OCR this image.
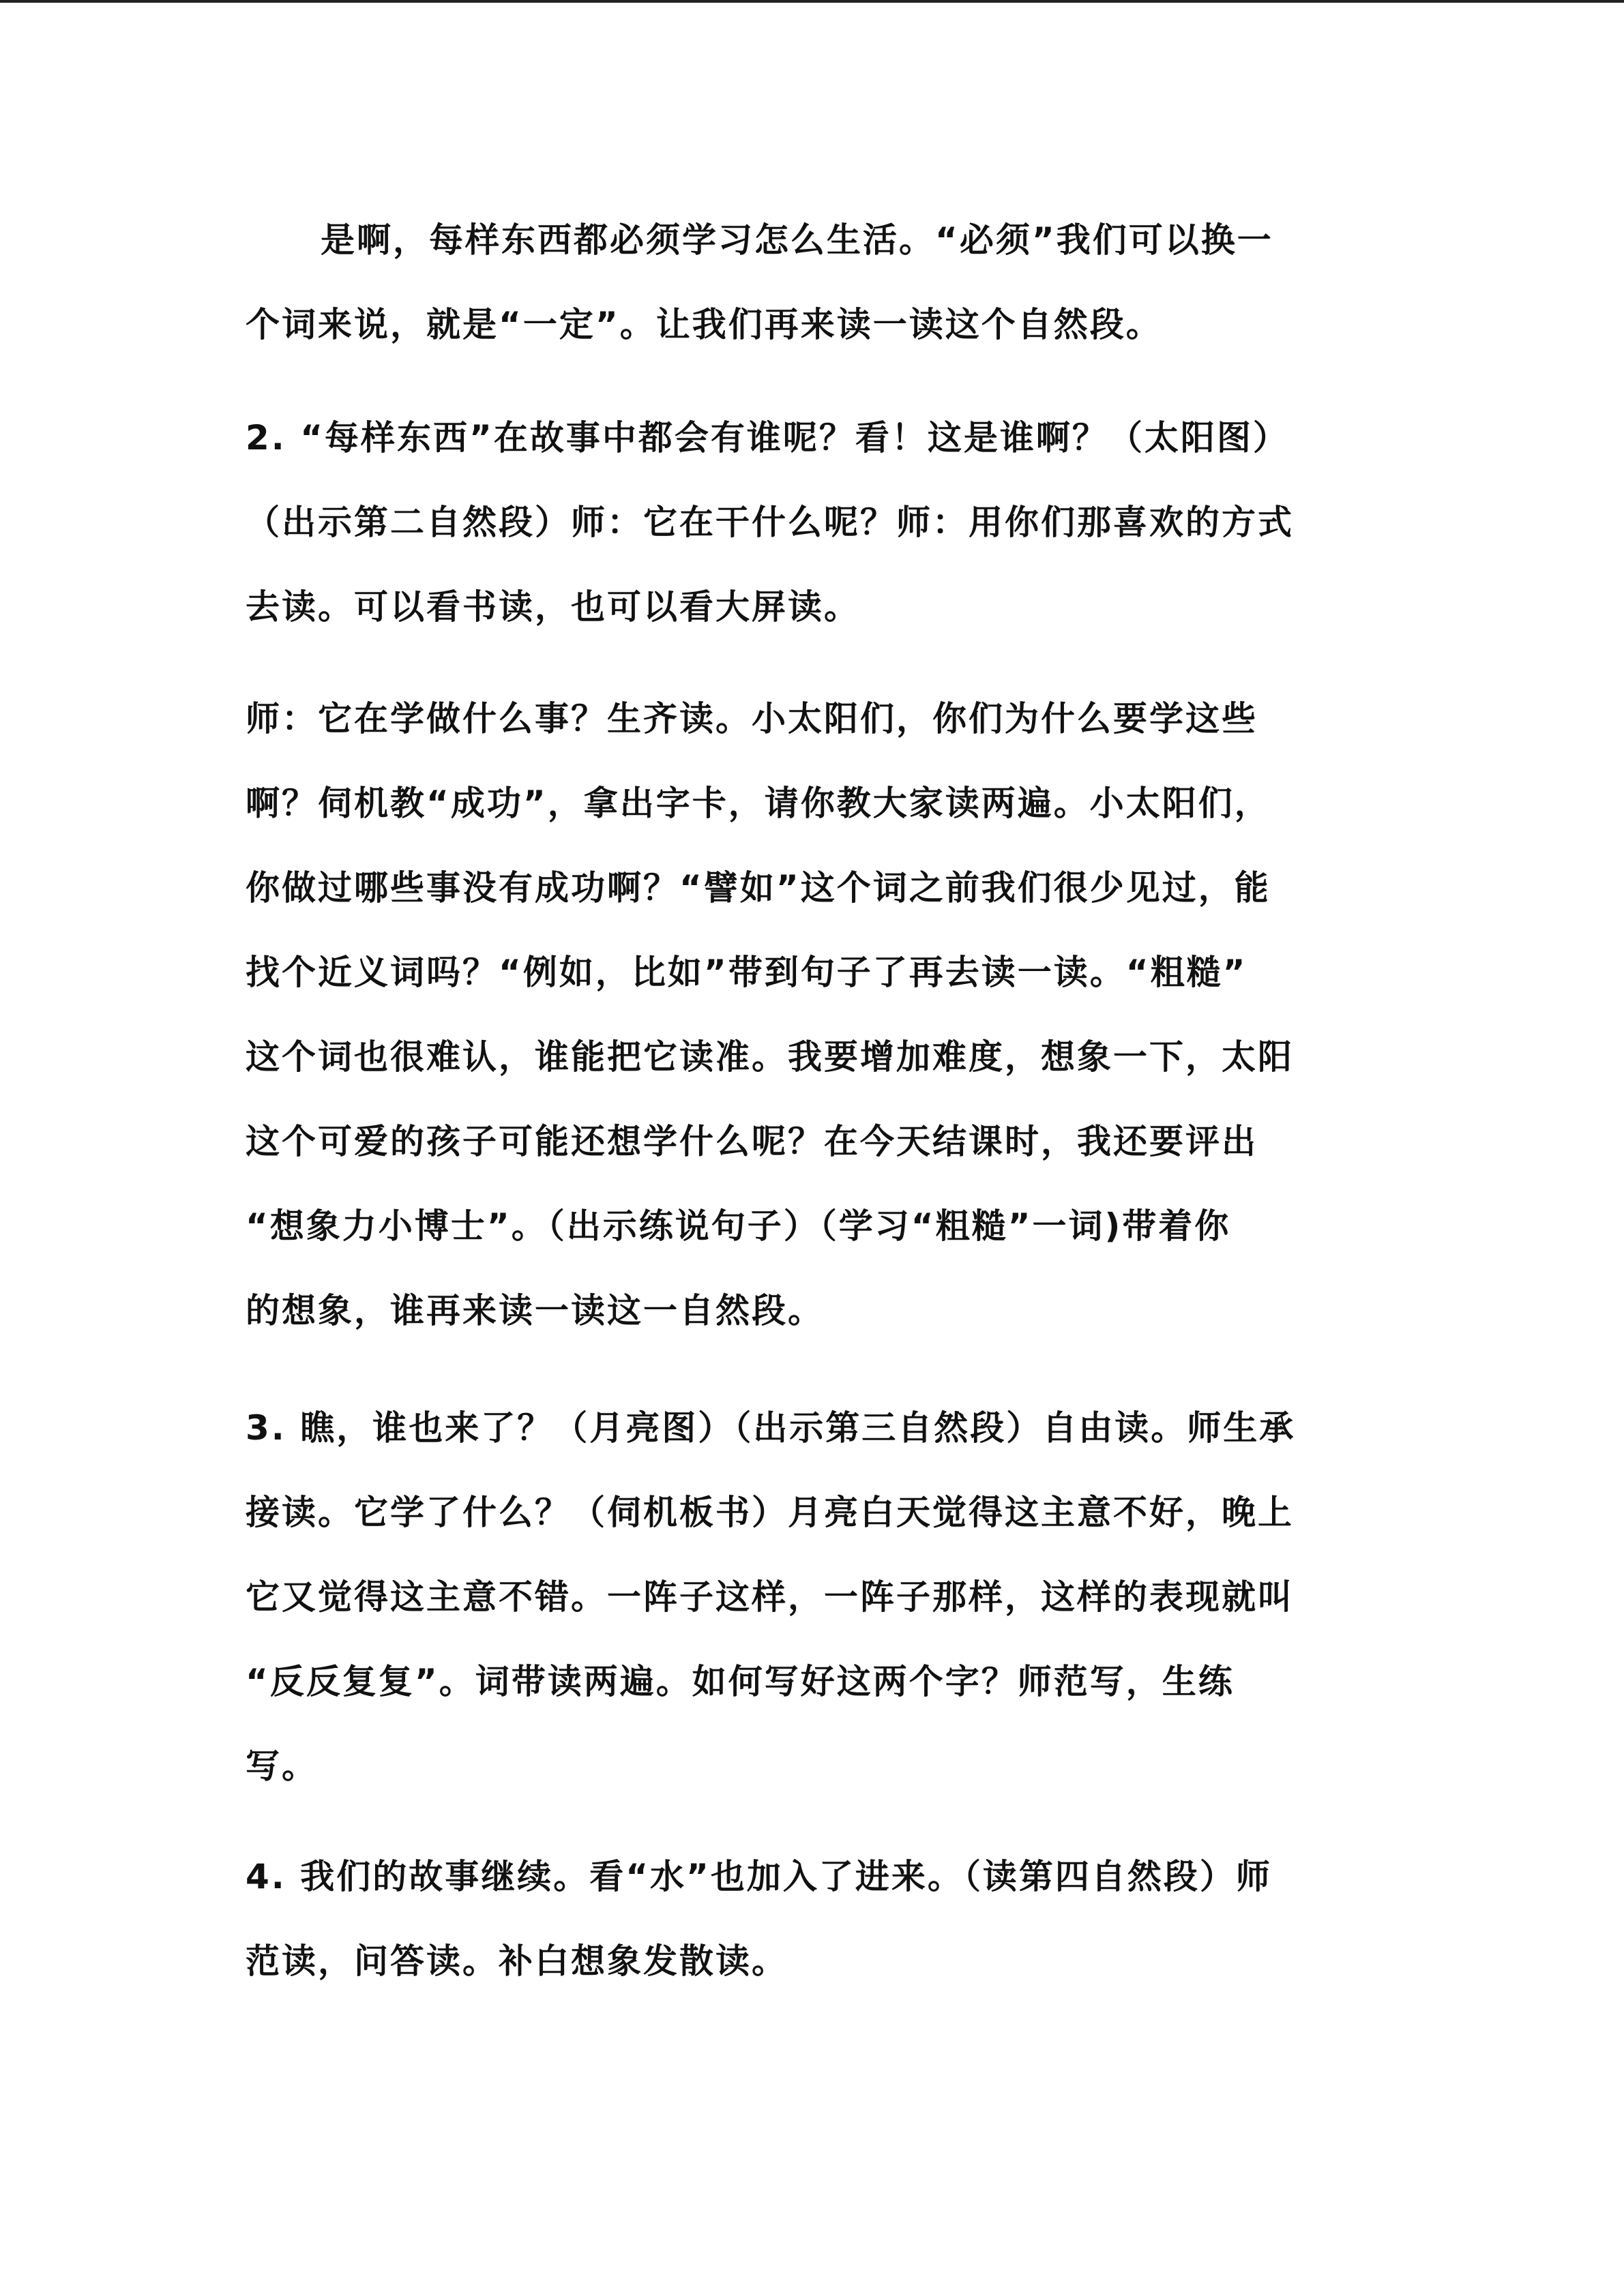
是啊，每样东西都必须学习怎么生活。“必须”我们可以换一
个词来说，就是“一定”。让我们再来读一读这个自然段。
2. “每样东西”在故事中都会有谁呢？看！这是谁啊？（太阳图）
（出示第二自然段）师：它在干什么呢？师：用你们那喜欢的方式
去读。可以看书读，也可以看大屏读。
师：它在学做什么事？生齐读。小太阳们，你们为什么要学这些
啊？伺机教“成功”，拿出字卡，请你教大家读两遍。小太阳们，
你做过哪些事没有成功啊？“譬如”这个词之前我们很少见过，能
找个近义词吗？“例如，比如”带到句子了再去读一读。“粗糙”
这个词也很难认，谁能把它读准。我要增加难度，想象一下，太阳
这个可爱的孩子可能还想学什么呢？在今天结课时，我还要评出
“想象力小博士”。（出示练说句子）（学习“粗糙”一词)带着你
的想象，谁再来读一读这一自然段。
3. 瞧，谁也来了？（月亮图）（出示第三自然段）自由读。师生承
接读。它学了什么？（伺机板书）月亮白天觉得这主意不好，晚上
它又觉得这主意不错。一阵子这样，一阵子那样，这样的表现就叫
“反反复复”。词带读两遍。如何写好这两个字？师范写，生练
写。
4. 我们的故事继续。看“水”也加入了进来。（读第四自然段）师
范读，问答读。补白想象发散读。
